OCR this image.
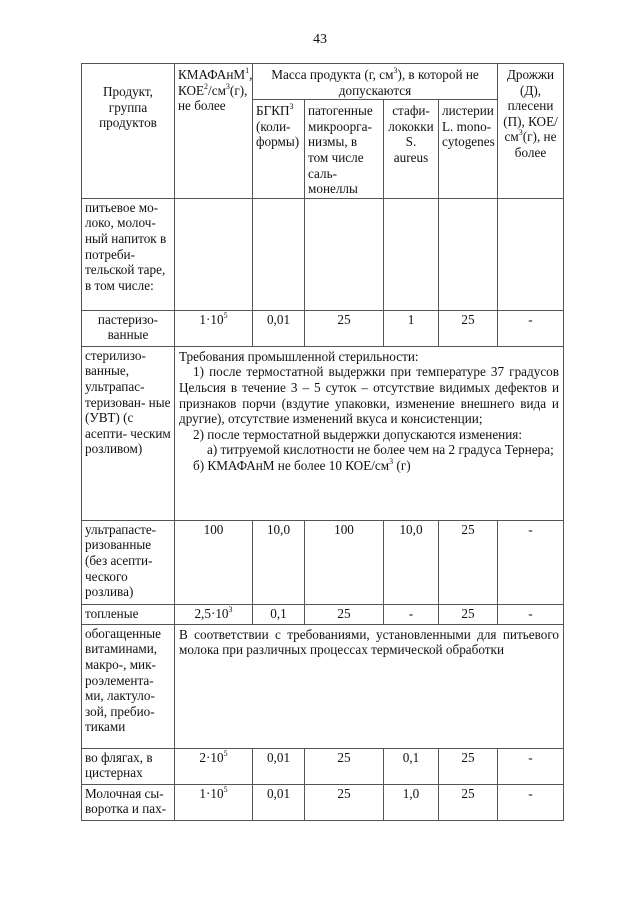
43
Продукт, группа продуктов	КМАФАнМ$^1$, $КОЕ^2/см^3(г)$, не более	Масса продукта (г, $см^3$), в которой не допускаются				Дрожжи (Д), плесени (П), КОЕ/$см^3(г)$, не более
		БГКП$^3$ (коли- формы)	патогенные микроорга- низмы, в том числе саль- монеллы	стафи- лококки S. aureus	листерии L. mono- cytogenes	
питьевое мо- локо, молоч- ный напиток в потреби- тельской таре, в том числе:						
пастеризо- ванные	$1\cdot 10^5$	0,01	25	1	25	-
стерилизо- ванные, ультрапас- теризован- ные (УВТ) (с асепти- ческим розливом)	Требования промышленной стерильности:

1) после термостатной выдержки при температуре 37 градусов Цельсия в течение 3 – 5 суток – отсутствие видимых дефектов и признаков порчи (вздутие упаковки, изменение внешнего вида и другие), отсутствие изменений вкуса и консистенции;

2) после термостатной выдержки допускаются изменения:

а) титруемой кислотности не более чем на 2 градуса Тернера;

б) КМАФАнМ не более 10 КОЕ/$см^3$ (г)					

ультрапасте- ризованные (без асепти- ческого розлива)	100	10,0	100	10,0	25	-
топленые	$2,5\cdot 10^3$	0,1	25	-	25	-
обогащенные витаминами, макро-, мик- роэлемента- ми, лактуло- зой, пребио- тиками	В соответствии с требованиями, установленными для питьевого молока при различных процессах термической обработки					
во флягах, в цистернах	$2\cdot 10^5$	0,01	25	0,1	25	-
Молочная сы- воротка и пах-	$1\cdot 10^5$	0,01	25	1,0	25	-
